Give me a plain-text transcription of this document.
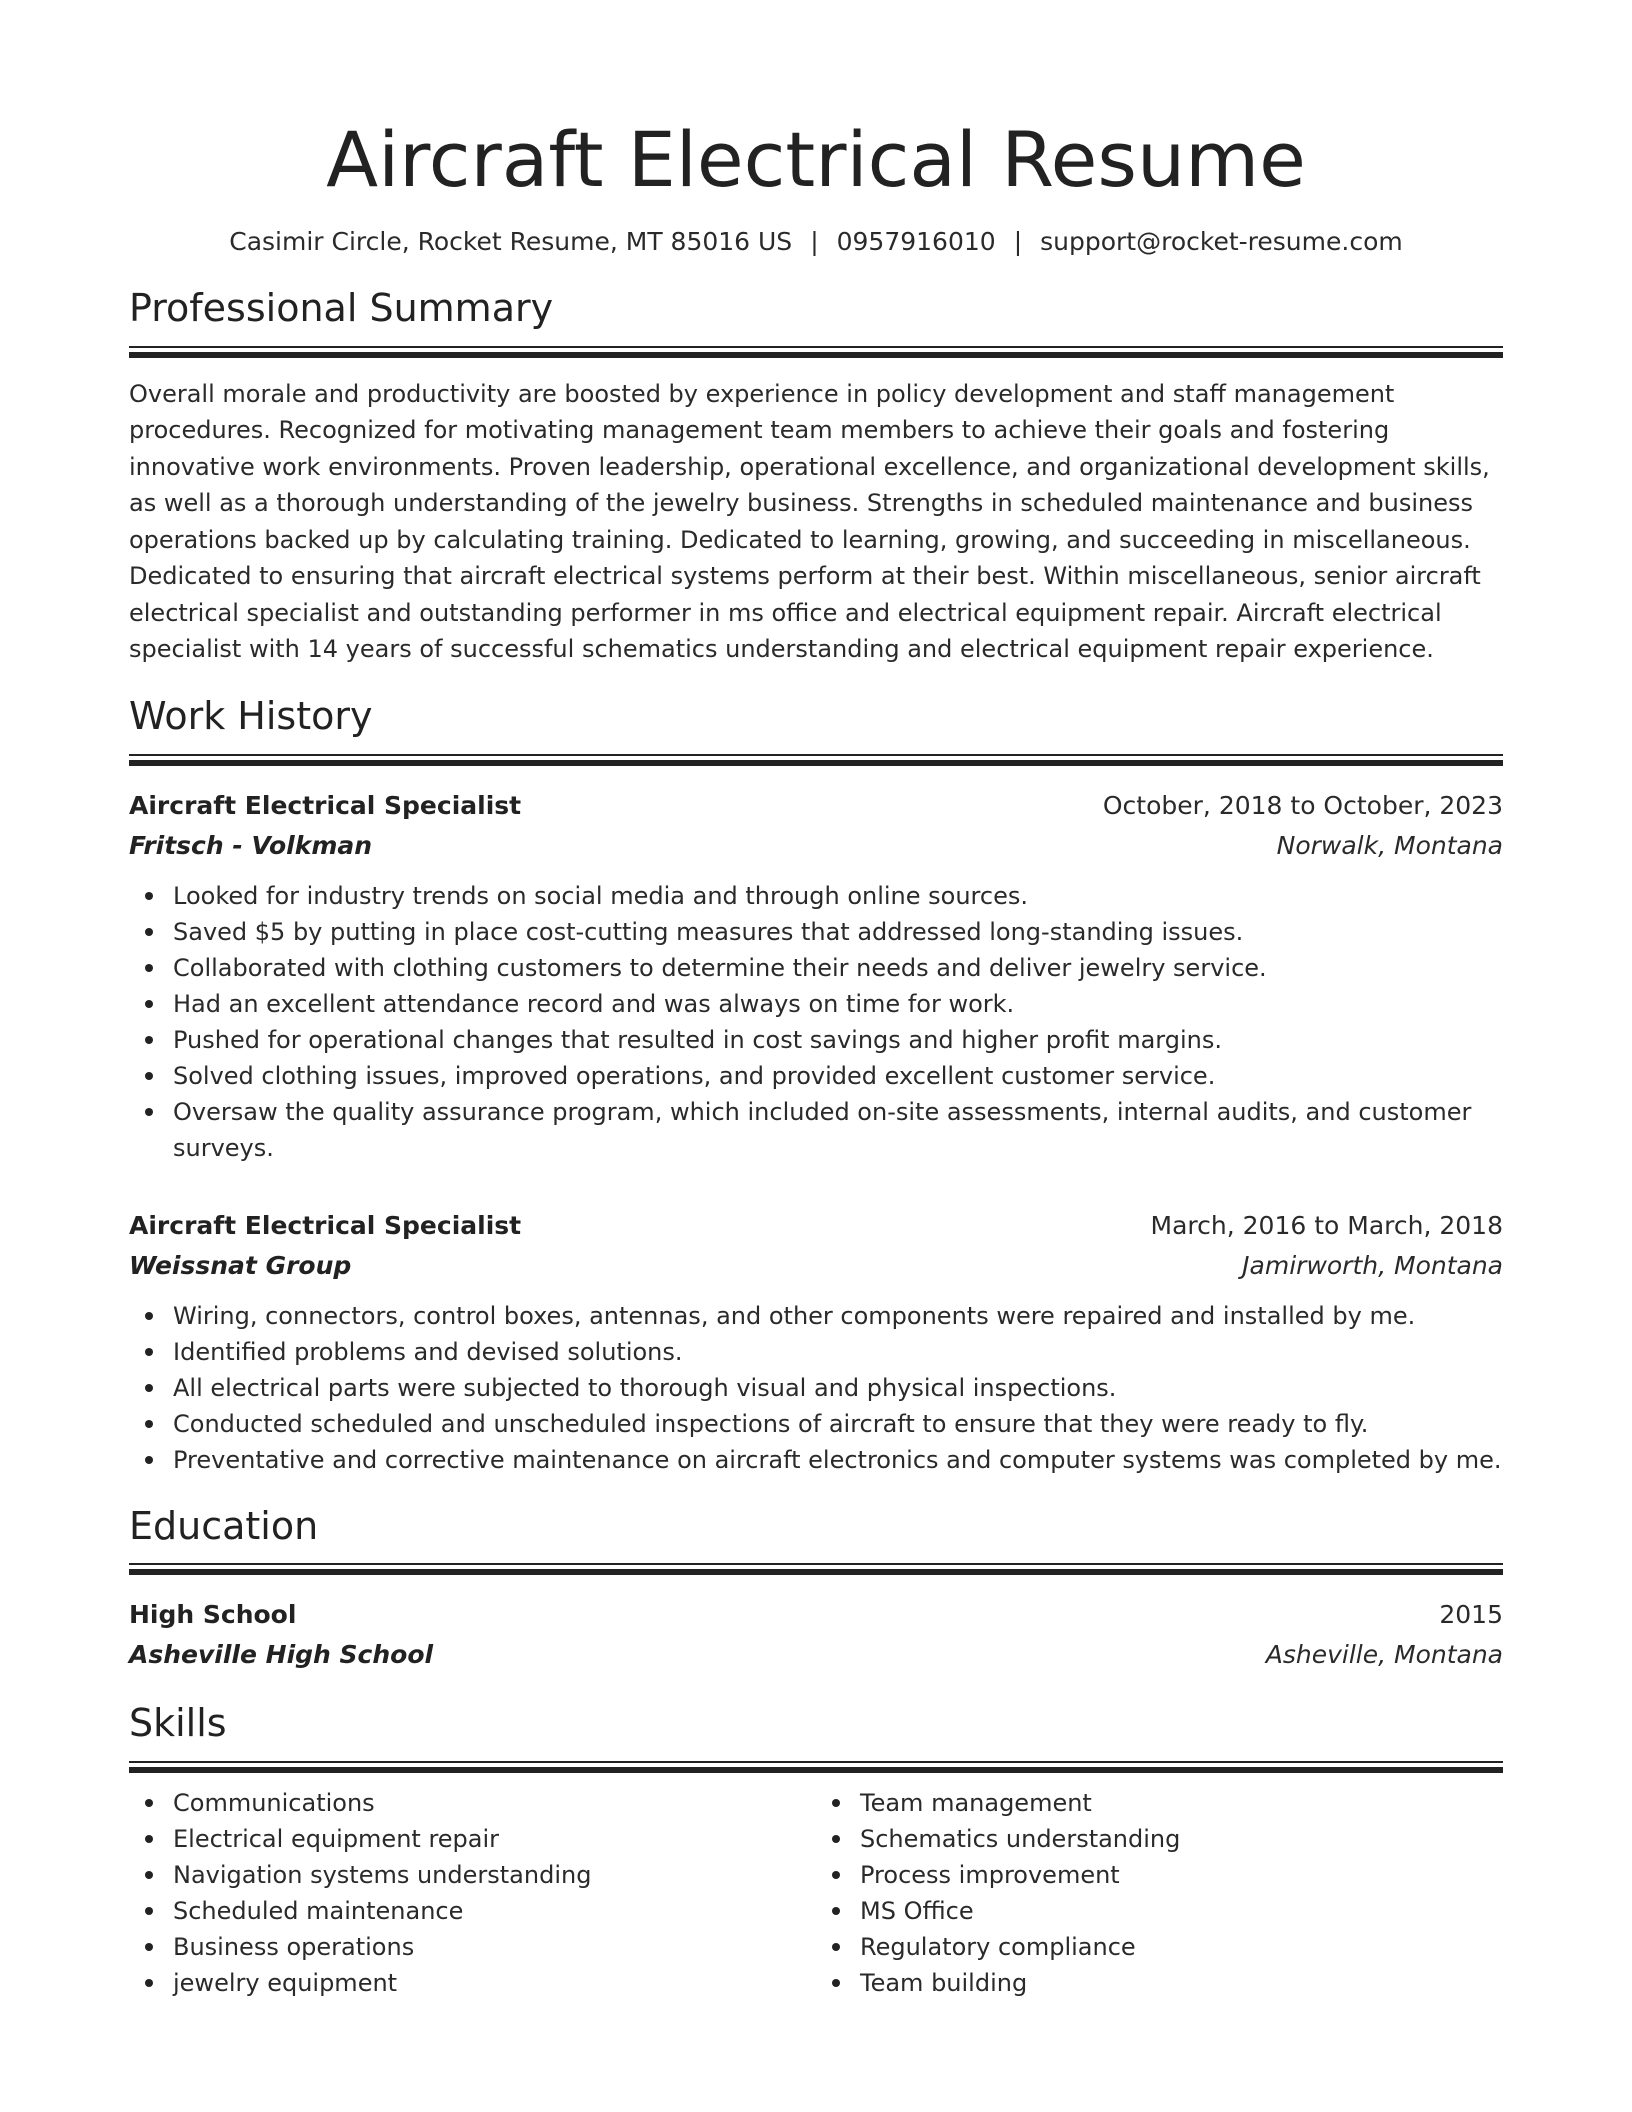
Aircraft Electrical Resume
Casimir Circle, Rocket Resume, MT 85016 US | 0957916010 | support@rocket-resume.com
Professional Summary
Overall morale and productivity are boosted by experience in policy development and staff management procedures. Recognized for motivating management team members to achieve their goals and fostering innovative work environments. Proven leadership, operational excellence, and organizational development skills, as well as a thorough understanding of the jewelry business. Strengths in scheduled maintenance and business operations backed up by calculating training. Dedicated to learning, growing, and succeeding in miscellaneous. Dedicated to ensuring that aircraft electrical systems perform at their best. Within miscellaneous, senior aircraft electrical specialist and outstanding performer in ms office and electrical equipment repair. Aircraft electrical specialist with 14 years of successful schematics understanding and electrical equipment repair experience.
Work History
Aircraft Electrical Specialist	October, 2018 to October, 2023
Fritsch - Volkman	Norwalk, Montana
Looked for industry trends on social media and through online sources.
Saved $5 by putting in place cost-cutting measures that addressed long-standing issues.
Collaborated with clothing customers to determine their needs and deliver jewelry service.
Had an excellent attendance record and was always on time for work.
Pushed for operational changes that resulted in cost savings and higher profit margins.
Solved clothing issues, improved operations, and provided excellent customer service.
Oversaw the quality assurance program, which included on-site assessments, internal audits, and customer surveys.
Aircraft Electrical Specialist	March, 2016 to March, 2018
Weissnat Group	Jamirworth, Montana
Wiring, connectors, control boxes, antennas, and other components were repaired and installed by me.
Identified problems and devised solutions.
All electrical parts were subjected to thorough visual and physical inspections.
Conducted scheduled and unscheduled inspections of aircraft to ensure that they were ready to fly.
Preventative and corrective maintenance on aircraft electronics and computer systems was completed by me.
Education
High School	2015
Asheville High School	Asheville, Montana
Skills
Communications
Electrical equipment repair
Navigation systems understanding
Scheduled maintenance
Business operations
jewelry equipment
Team management
Schematics understanding
Process improvement
MS Office
Regulatory compliance
Team building
